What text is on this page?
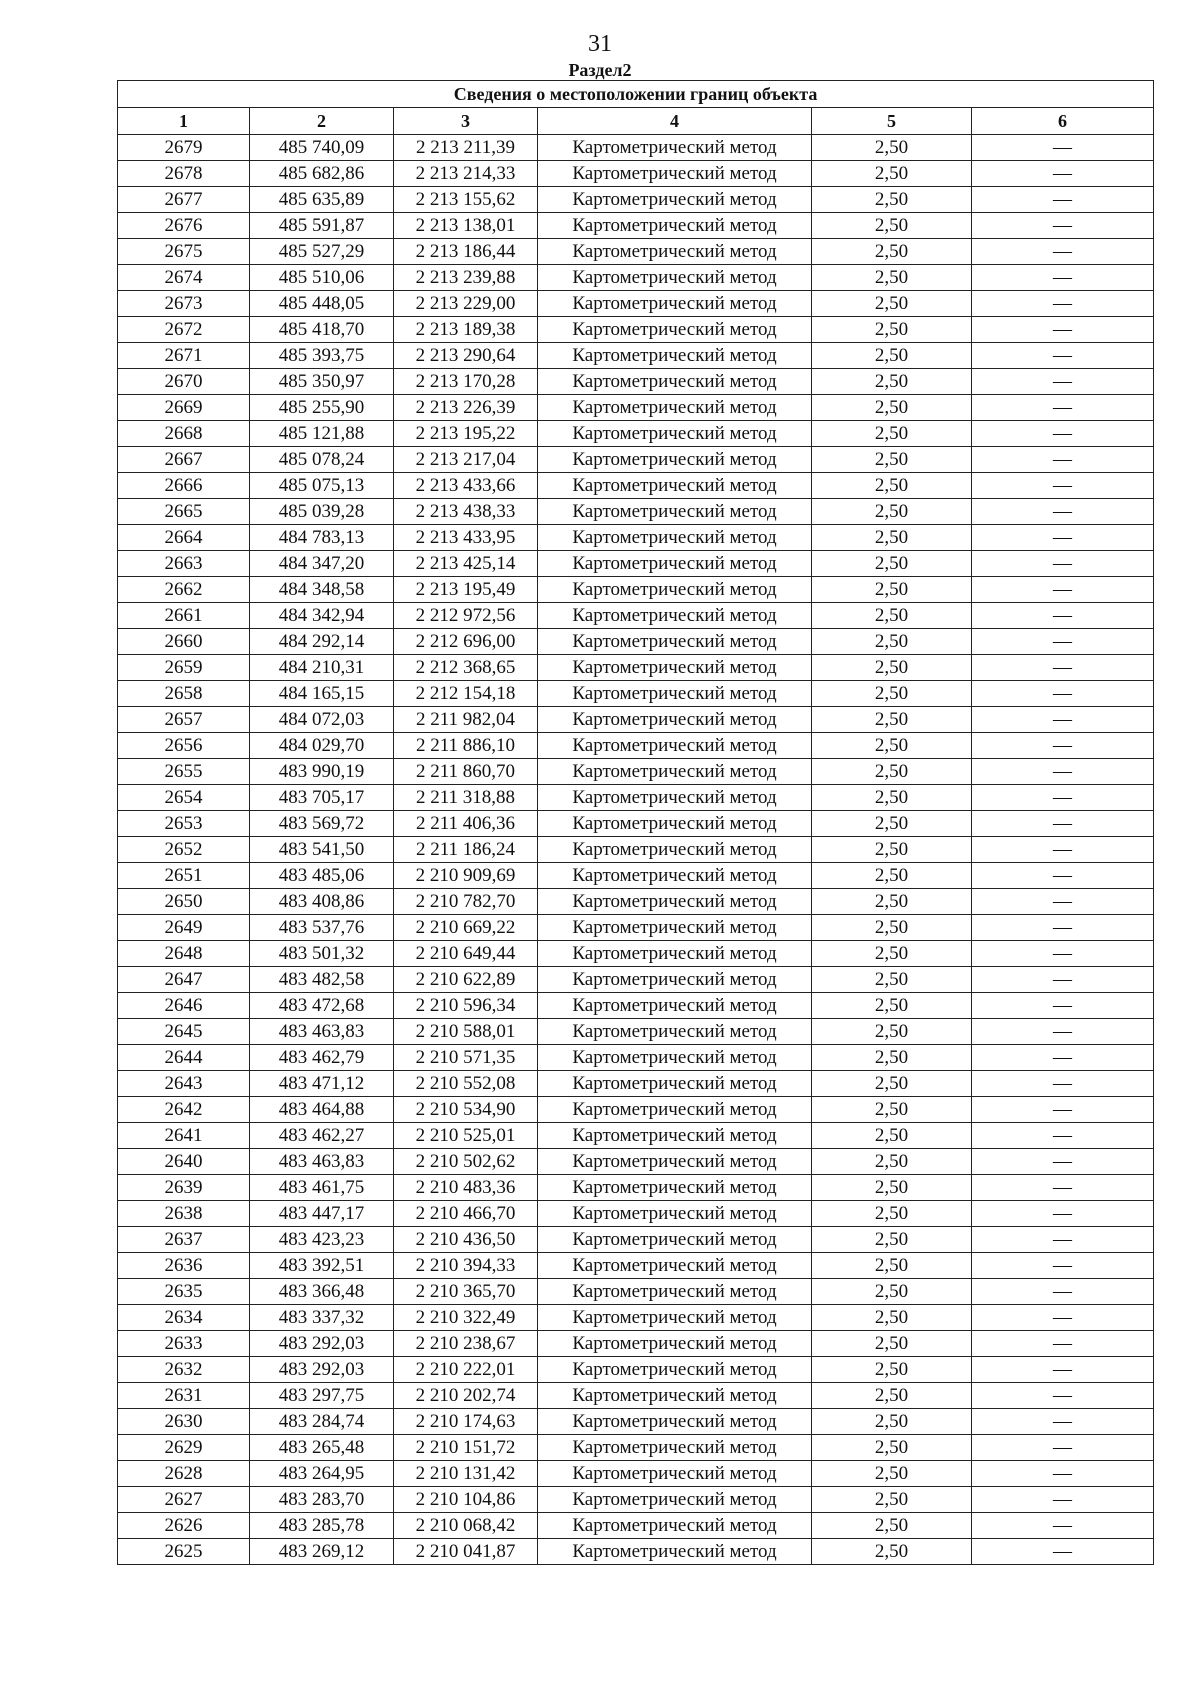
31
Раздел2
Сведения о местоположении границ объекта					
1	2	3	4	5	6
2679	485 740,09	2 213 211,39	Картометрический метод	2,50	—
2678	485 682,86	2 213 214,33	Картометрический метод	2,50	—
2677	485 635,89	2 213 155,62	Картометрический метод	2,50	—
2676	485 591,87	2 213 138,01	Картометрический метод	2,50	—
2675	485 527,29	2 213 186,44	Картометрический метод	2,50	—
2674	485 510,06	2 213 239,88	Картометрический метод	2,50	—
2673	485 448,05	2 213 229,00	Картометрический метод	2,50	—
2672	485 418,70	2 213 189,38	Картометрический метод	2,50	—
2671	485 393,75	2 213 290,64	Картометрический метод	2,50	—
2670	485 350,97	2 213 170,28	Картометрический метод	2,50	—
2669	485 255,90	2 213 226,39	Картометрический метод	2,50	—
2668	485 121,88	2 213 195,22	Картометрический метод	2,50	—
2667	485 078,24	2 213 217,04	Картометрический метод	2,50	—
2666	485 075,13	2 213 433,66	Картометрический метод	2,50	—
2665	485 039,28	2 213 438,33	Картометрический метод	2,50	—
2664	484 783,13	2 213 433,95	Картометрический метод	2,50	—
2663	484 347,20	2 213 425,14	Картометрический метод	2,50	—
2662	484 348,58	2 213 195,49	Картометрический метод	2,50	—
2661	484 342,94	2 212 972,56	Картометрический метод	2,50	—
2660	484 292,14	2 212 696,00	Картометрический метод	2,50	—
2659	484 210,31	2 212 368,65	Картометрический метод	2,50	—
2658	484 165,15	2 212 154,18	Картометрический метод	2,50	—
2657	484 072,03	2 211 982,04	Картометрический метод	2,50	—
2656	484 029,70	2 211 886,10	Картометрический метод	2,50	—
2655	483 990,19	2 211 860,70	Картометрический метод	2,50	—
2654	483 705,17	2 211 318,88	Картометрический метод	2,50	—
2653	483 569,72	2 211 406,36	Картометрический метод	2,50	—
2652	483 541,50	2 211 186,24	Картометрический метод	2,50	—
2651	483 485,06	2 210 909,69	Картометрический метод	2,50	—
2650	483 408,86	2 210 782,70	Картометрический метод	2,50	—
2649	483 537,76	2 210 669,22	Картометрический метод	2,50	—
2648	483 501,32	2 210 649,44	Картометрический метод	2,50	—
2647	483 482,58	2 210 622,89	Картометрический метод	2,50	—
2646	483 472,68	2 210 596,34	Картометрический метод	2,50	—
2645	483 463,83	2 210 588,01	Картометрический метод	2,50	—
2644	483 462,79	2 210 571,35	Картометрический метод	2,50	—
2643	483 471,12	2 210 552,08	Картометрический метод	2,50	—
2642	483 464,88	2 210 534,90	Картометрический метод	2,50	—
2641	483 462,27	2 210 525,01	Картометрический метод	2,50	—
2640	483 463,83	2 210 502,62	Картометрический метод	2,50	—
2639	483 461,75	2 210 483,36	Картометрический метод	2,50	—
2638	483 447,17	2 210 466,70	Картометрический метод	2,50	—
2637	483 423,23	2 210 436,50	Картометрический метод	2,50	—
2636	483 392,51	2 210 394,33	Картометрический метод	2,50	—
2635	483 366,48	2 210 365,70	Картометрический метод	2,50	—
2634	483 337,32	2 210 322,49	Картометрический метод	2,50	—
2633	483 292,03	2 210 238,67	Картометрический метод	2,50	—
2632	483 292,03	2 210 222,01	Картометрический метод	2,50	—
2631	483 297,75	2 210 202,74	Картометрический метод	2,50	—
2630	483 284,74	2 210 174,63	Картометрический метод	2,50	—
2629	483 265,48	2 210 151,72	Картометрический метод	2,50	—
2628	483 264,95	2 210 131,42	Картометрический метод	2,50	—
2627	483 283,70	2 210 104,86	Картометрический метод	2,50	—
2626	483 285,78	2 210 068,42	Картометрический метод	2,50	—
2625	483 269,12	2 210 041,87	Картометрический метод	2,50	—
